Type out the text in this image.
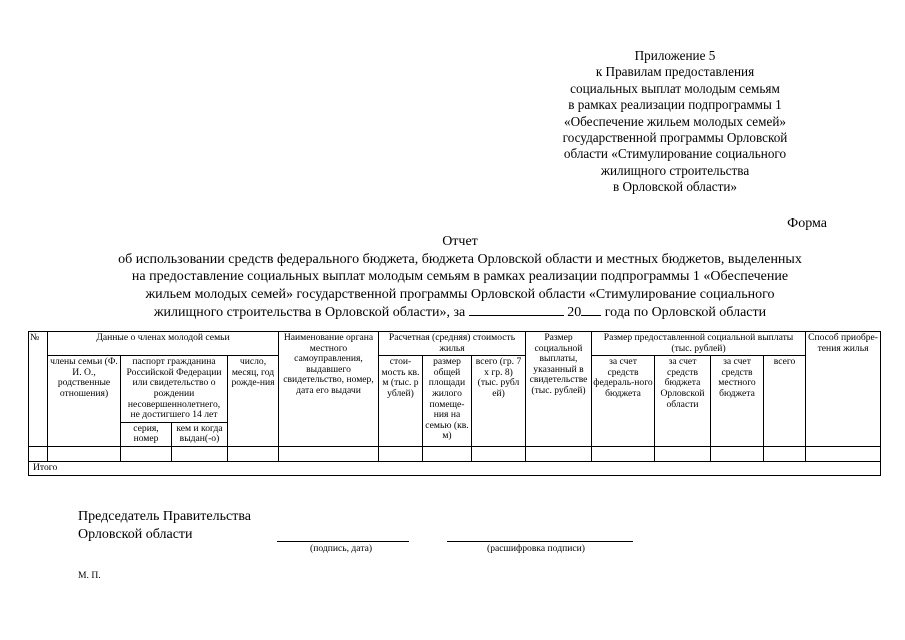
Приложение 5
к Правилам предоставления
социальных выплат молодым семьям
в рамках реализации подпрограммы 1
«Обеспечение жильем молодых семей»
государственной программы Орловской
области «Стимулирование социального
жилищного строительства
в Орловской области»
Форма
Отчет
об использовании средств федерального бюджета, бюджета Орловской области и местных бюджетов, выделенных
на предоставление социальных выплат молодым семьям в рамках реализации подпрограммы 1 «Обеспечение
жильем молодых семей» государственной программы Орловской области «Стимулирование социального
жилищного строительства в Орловской области», за	20 года по Орловской области
№	Данные о членах молодой семьи				Наименование органа местного самоуправления, выдавшего свидетельство, номер, дата его выдачи	Расчетная (средняя) стоимость жилья			Размер социальной выплаты, указанный в свидетельстве (тыс. рублей)	Размер предоставленной социальной выплаты (тыс. рублей)				Способ приобре-тения жилья
	члены семьи (Ф. И. О., родственные отношения)	паспорт гражданина Российской Федерации или свидетельство о рождении несовершеннолетнего, не достигшего 14 лет		число, месяц, год рожде-ния		стои-мость кв. м (тыс. р ублей)	размер общей площади жилого помеще-ния на семью (кв. м)	всего (гр. 7 х гр. 8) (тыс. рубл ей)		за счет средств федераль-ного бюджета	за счет средств бюджета Орловской области	за счет средств местного бюджета	всего	
		серия, номер	кем и когда выдан(-о)											

Итого														
Председатель Правительства
Орловской области
(подпись, дата)	(расшифровка подписи)
М. П.
